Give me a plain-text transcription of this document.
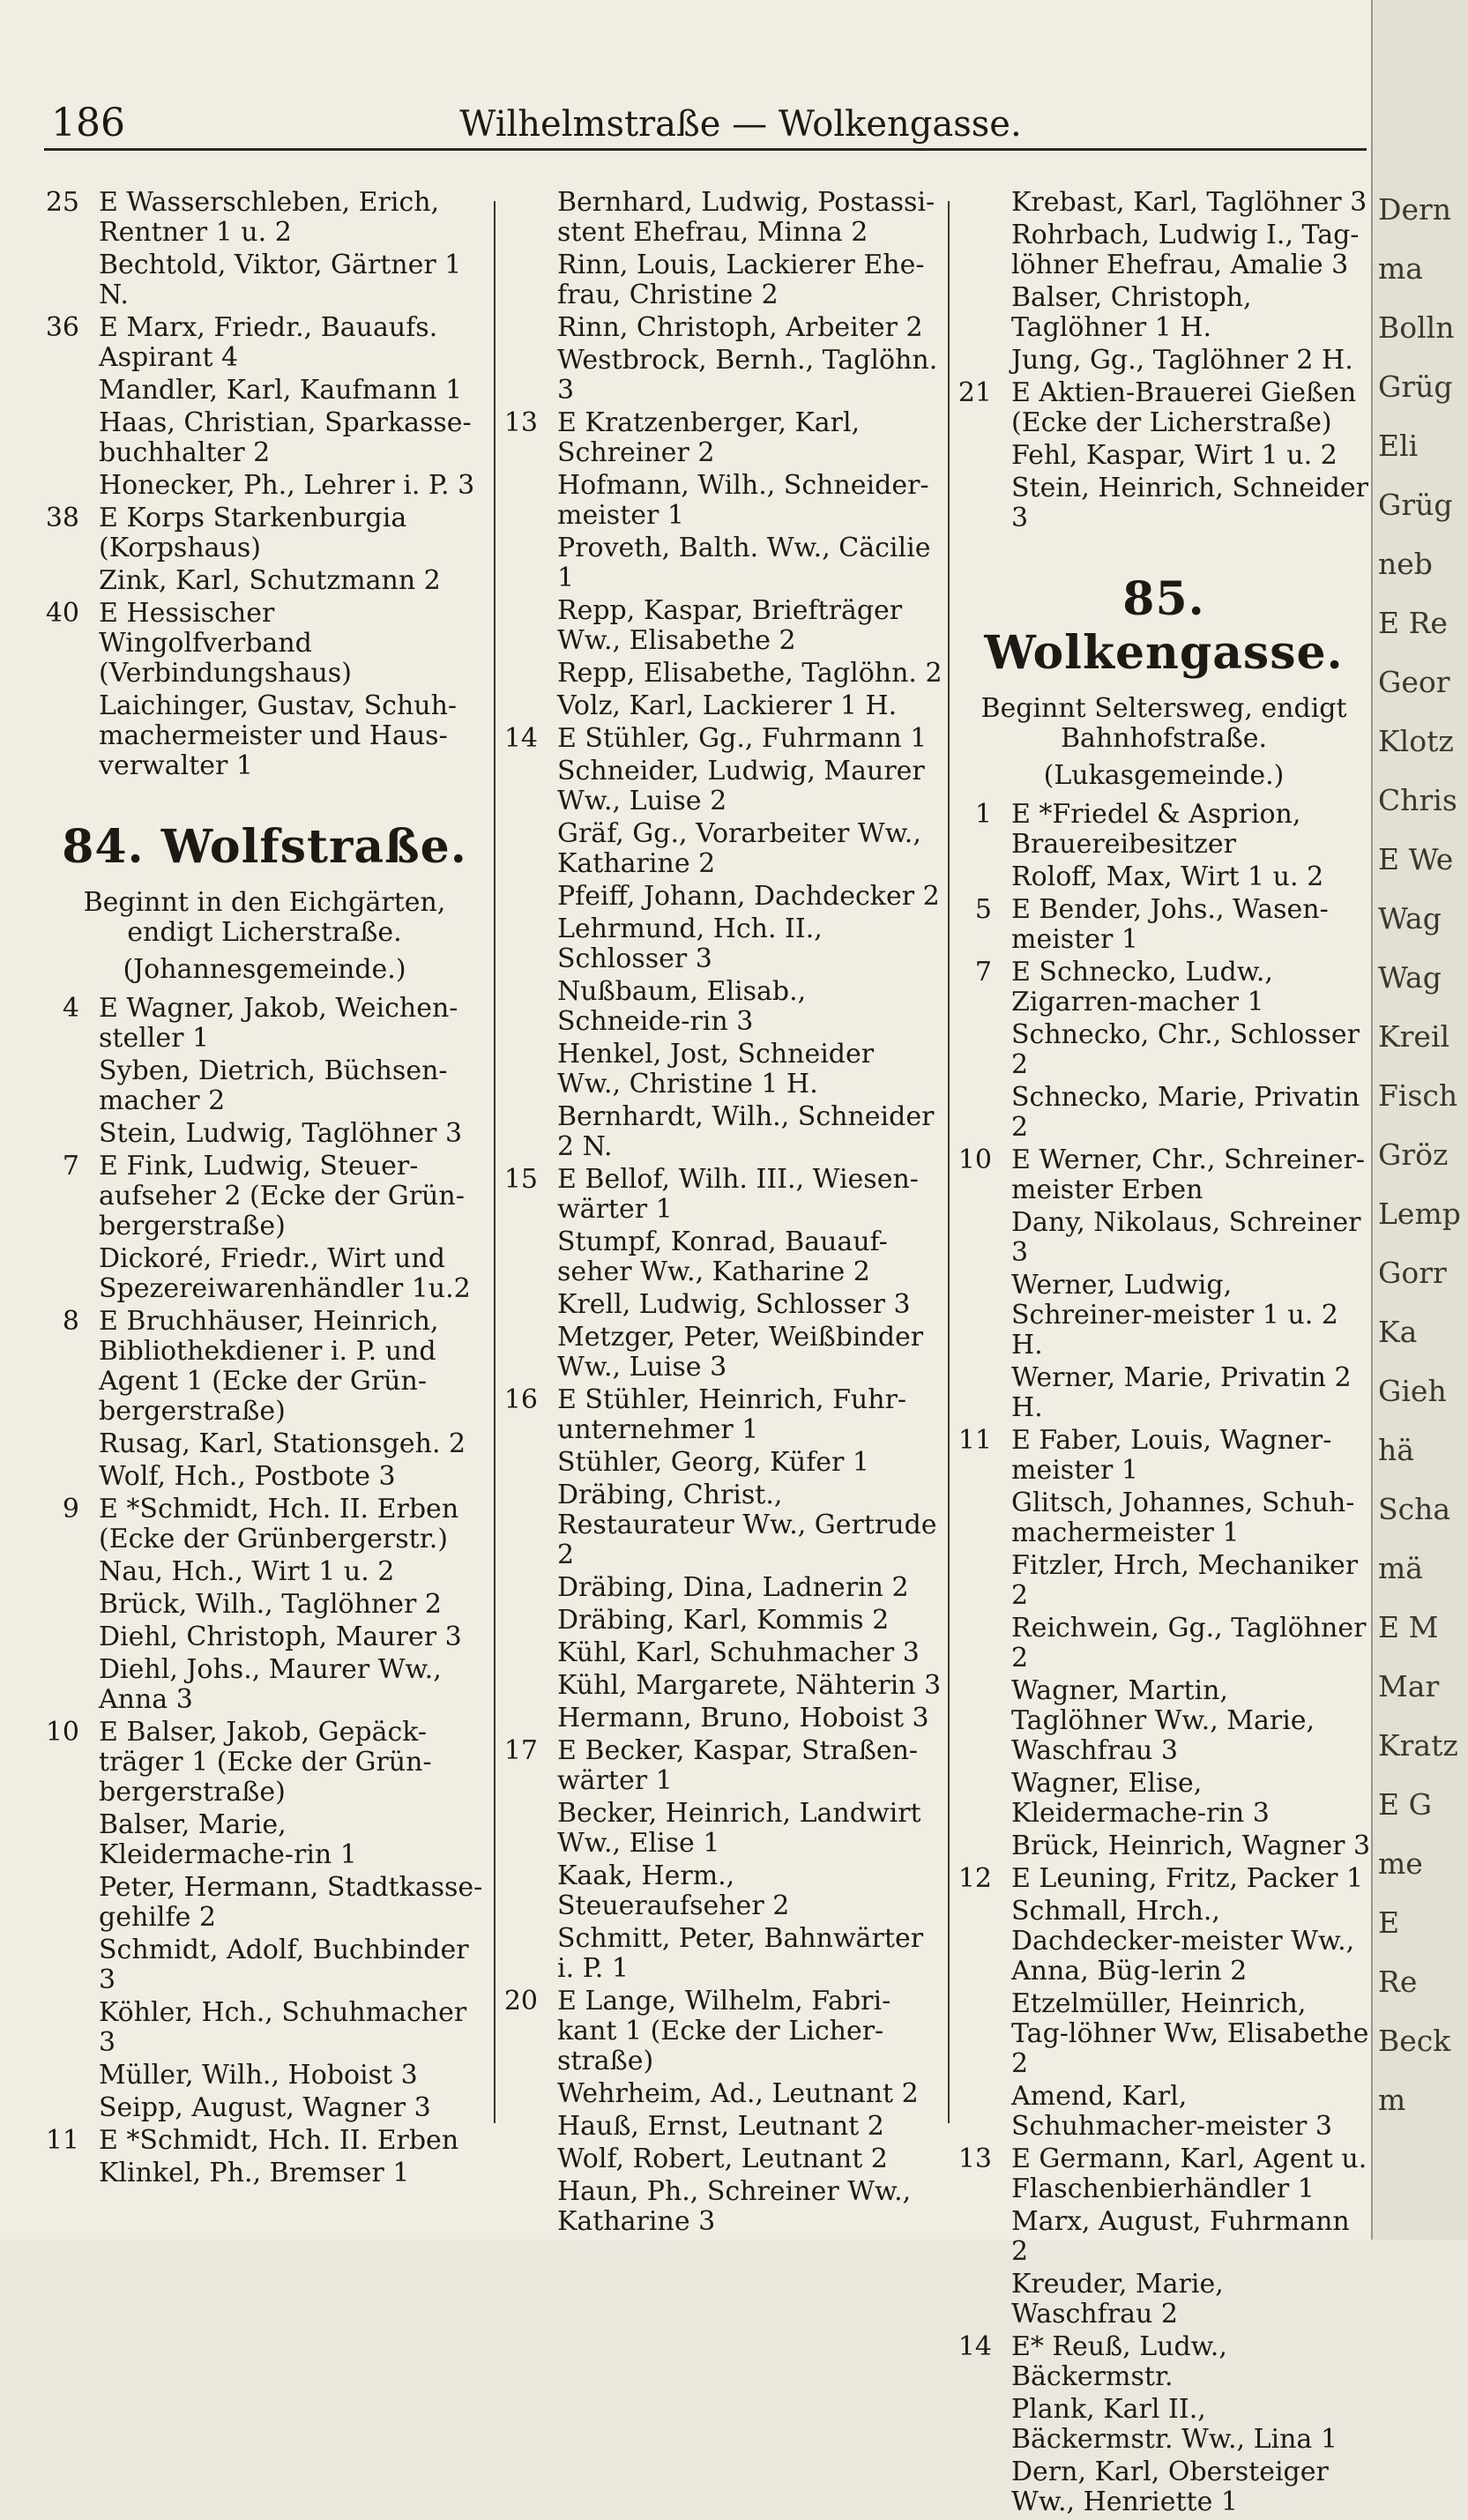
186	Wilhelmstraße — Wolkengasse.
25 E Wasserschleben, Erich, Rentner 1 u. 2
Bechtold, Viktor, Gärtner 1 N.
36 E Marx, Friedr., Bauaufs. Aspirant 4
Mandler, Karl, Kaufmann 1
Haas, Christian, Sparkasse-buchhalter 2
Honecker, Ph., Lehrer i. P. 3
38 E Korps Starkenburgia (Korpshaus)
Zink, Karl, Schutzmann 2
40 E Hessischer Wingolfverband (Verbindungshaus)
Laichinger, Gustav, Schuh-machermeister und Haus-verwalter 1
84. Wolfstraße.
Beginnt in den Eichgärten, endigt Licherstraße.
(Johannesgemeinde.)
4 E Wagner, Jakob, Weichen-steller 1
Syben, Dietrich, Büchsen-macher 2
Stein, Ludwig, Taglöhner 3
7 E Fink, Ludwig, Steuer-aufseher 2 (Ecke der Grün-bergerstraße)
Dickoré, Friedr., Wirt und Spezereiwarenhändler 1u.2
8 E Bruchhäuser, Heinrich, Bibliothekdiener i. P. und Agent 1 (Ecke der Grün-bergerstraße)
Rusag, Karl, Stationsgeh. 2
Wolf, Hch., Postbote 3
9 E *Schmidt, Hch. II. Erben (Ecke der Grünbergerstr.)
Nau, Hch., Wirt 1 u. 2
Brück, Wilh., Taglöhner 2
Diehl, Christoph, Maurer 3
Diehl, Johs., Maurer Ww., Anna 3
10 E Balser, Jakob, Gepäck-träger 1 (Ecke der Grün-bergerstraße)
Balser, Marie, Kleidermache-rin 1
Peter, Hermann, Stadtkasse-gehilfe 2
Schmidt, Adolf, Buchbinder 3
Köhler, Hch., Schuhmacher 3
Müller, Wilh., Hoboist 3
Seipp, August, Wagner 3
11 E *Schmidt, Hch. II. Erben
Klinkel, Ph., Bremser 1
Bernhard, Ludwig, Postassi-stent Ehefrau, Minna 2
Rinn, Louis, Lackierer Ehe-frau, Christine 2
Rinn, Christoph, Arbeiter 2
Westbrock, Bernh., Taglöhn. 3
13 E Kratzenberger, Karl, Schreiner 2
Hofmann, Wilh., Schneider-meister 1
Proveth, Balth. Ww., Cäcilie 1
Repp, Kaspar, Briefträger Ww., Elisabethe 2
Repp, Elisabethe, Taglöhn. 2
Volz, Karl, Lackierer 1 H.
14 E Stühler, Gg., Fuhrmann 1
Schneider, Ludwig, Maurer Ww., Luise 2
Gräf, Gg., Vorarbeiter Ww., Katharine 2
Pfeiff, Johann, Dachdecker 2
Lehrmund, Hch. II., Schlosser 3
Nußbaum, Elisab., Schneide-rin 3
Henkel, Jost, Schneider Ww., Christine 1 H.
Bernhardt, Wilh., Schneider 2 N.
15 E Bellof, Wilh. III., Wiesen-wärter 1
Stumpf, Konrad, Bauauf-seher Ww., Katharine 2
Krell, Ludwig, Schlosser 3
Metzger, Peter, Weißbinder Ww., Luise 3
16 E Stühler, Heinrich, Fuhr-unternehmer 1
Stühler, Georg, Küfer 1
Dräbing, Christ., Restaurateur Ww., Gertrude 2
Dräbing, Dina, Ladnerin 2
Dräbing, Karl, Kommis 2
Kühl, Karl, Schuhmacher 3
Kühl, Margarete, Nähterin 3
Hermann, Bruno, Hoboist 3
17 E Becker, Kaspar, Straßen-wärter 1
Becker, Heinrich, Landwirt Ww., Elise 1
Kaak, Herm., Steueraufseher 2
Schmitt, Peter, Bahnwärter i. P. 1
20 E Lange, Wilhelm, Fabri-kant 1 (Ecke der Licher-straße)
Wehrheim, Ad., Leutnant 2
Hauß, Ernst, Leutnant 2
Wolf, Robert, Leutnant 2
Haun, Ph., Schreiner Ww., Katharine 3
Krebast, Karl, Taglöhner 3
Rohrbach, Ludwig I., Tag-löhner Ehefrau, Amalie 3
Balser, Christoph, Taglöhner 1 H.
Jung, Gg., Taglöhner 2 H.
21 E Aktien-Brauerei Gießen (Ecke der Licherstraße)
Fehl, Kaspar, Wirt 1 u. 2
Stein, Heinrich, Schneider 3
85. Wolkengasse.
Beginnt Seltersweg, endigt Bahnhofstraße.
(Lukasgemeinde.)
1 E *Friedel & Asprion, Brauereibesitzer
Roloff, Max, Wirt 1 u. 2
5 E Bender, Johs., Wasen-meister 1
7 E Schnecko, Ludw., Zigarren-macher 1
Schnecko, Chr., Schlosser 2
Schnecko, Marie, Privatin 2
10 E Werner, Chr., Schreiner-meister Erben
Dany, Nikolaus, Schreiner 3
Werner, Ludwig, Schreiner-meister 1 u. 2 H.
Werner, Marie, Privatin 2 H.
11 E Faber, Louis, Wagner-meister 1
Glitsch, Johannes, Schuh-machermeister 1
Fitzler, Hrch, Mechaniker 2
Reichwein, Gg., Taglöhner 2
Wagner, Martin, Taglöhner Ww., Marie, Waschfrau 3
Wagner, Elise, Kleidermache-rin 3
Brück, Heinrich, Wagner 3
12 E Leuning, Fritz, Packer 1
Schmall, Hrch., Dachdecker-meister Ww., Anna, Büg-lerin 2
Etzelmüller, Heinrich, Tag-löhner Ww, Elisabethe 2
Amend, Karl, Schuhmacher-meister 3
13 E Germann, Karl, Agent u. Flaschenbierhändler 1
Marx, August, Fuhrmann 2
Kreuder, Marie, Waschfrau 2
14 E* Reuß, Ludw., Bäckermstr.
Plank, Karl II., Bäckermstr. Ww., Lina 1
Dern, Karl, Obersteiger Ww., Henriette 1
Dern
ma
Bolln
Grüg
Eli
Grüg
neb
E Re
Geor
Klotz
Chris
E We
Wag
Wag
Kreil
Fisch
Gröz
Lemp
Gorr
Ka
Gieh
hä
Scha
mä
E M
Mar
Kratz
E G
me
E
Re
Beck
m
